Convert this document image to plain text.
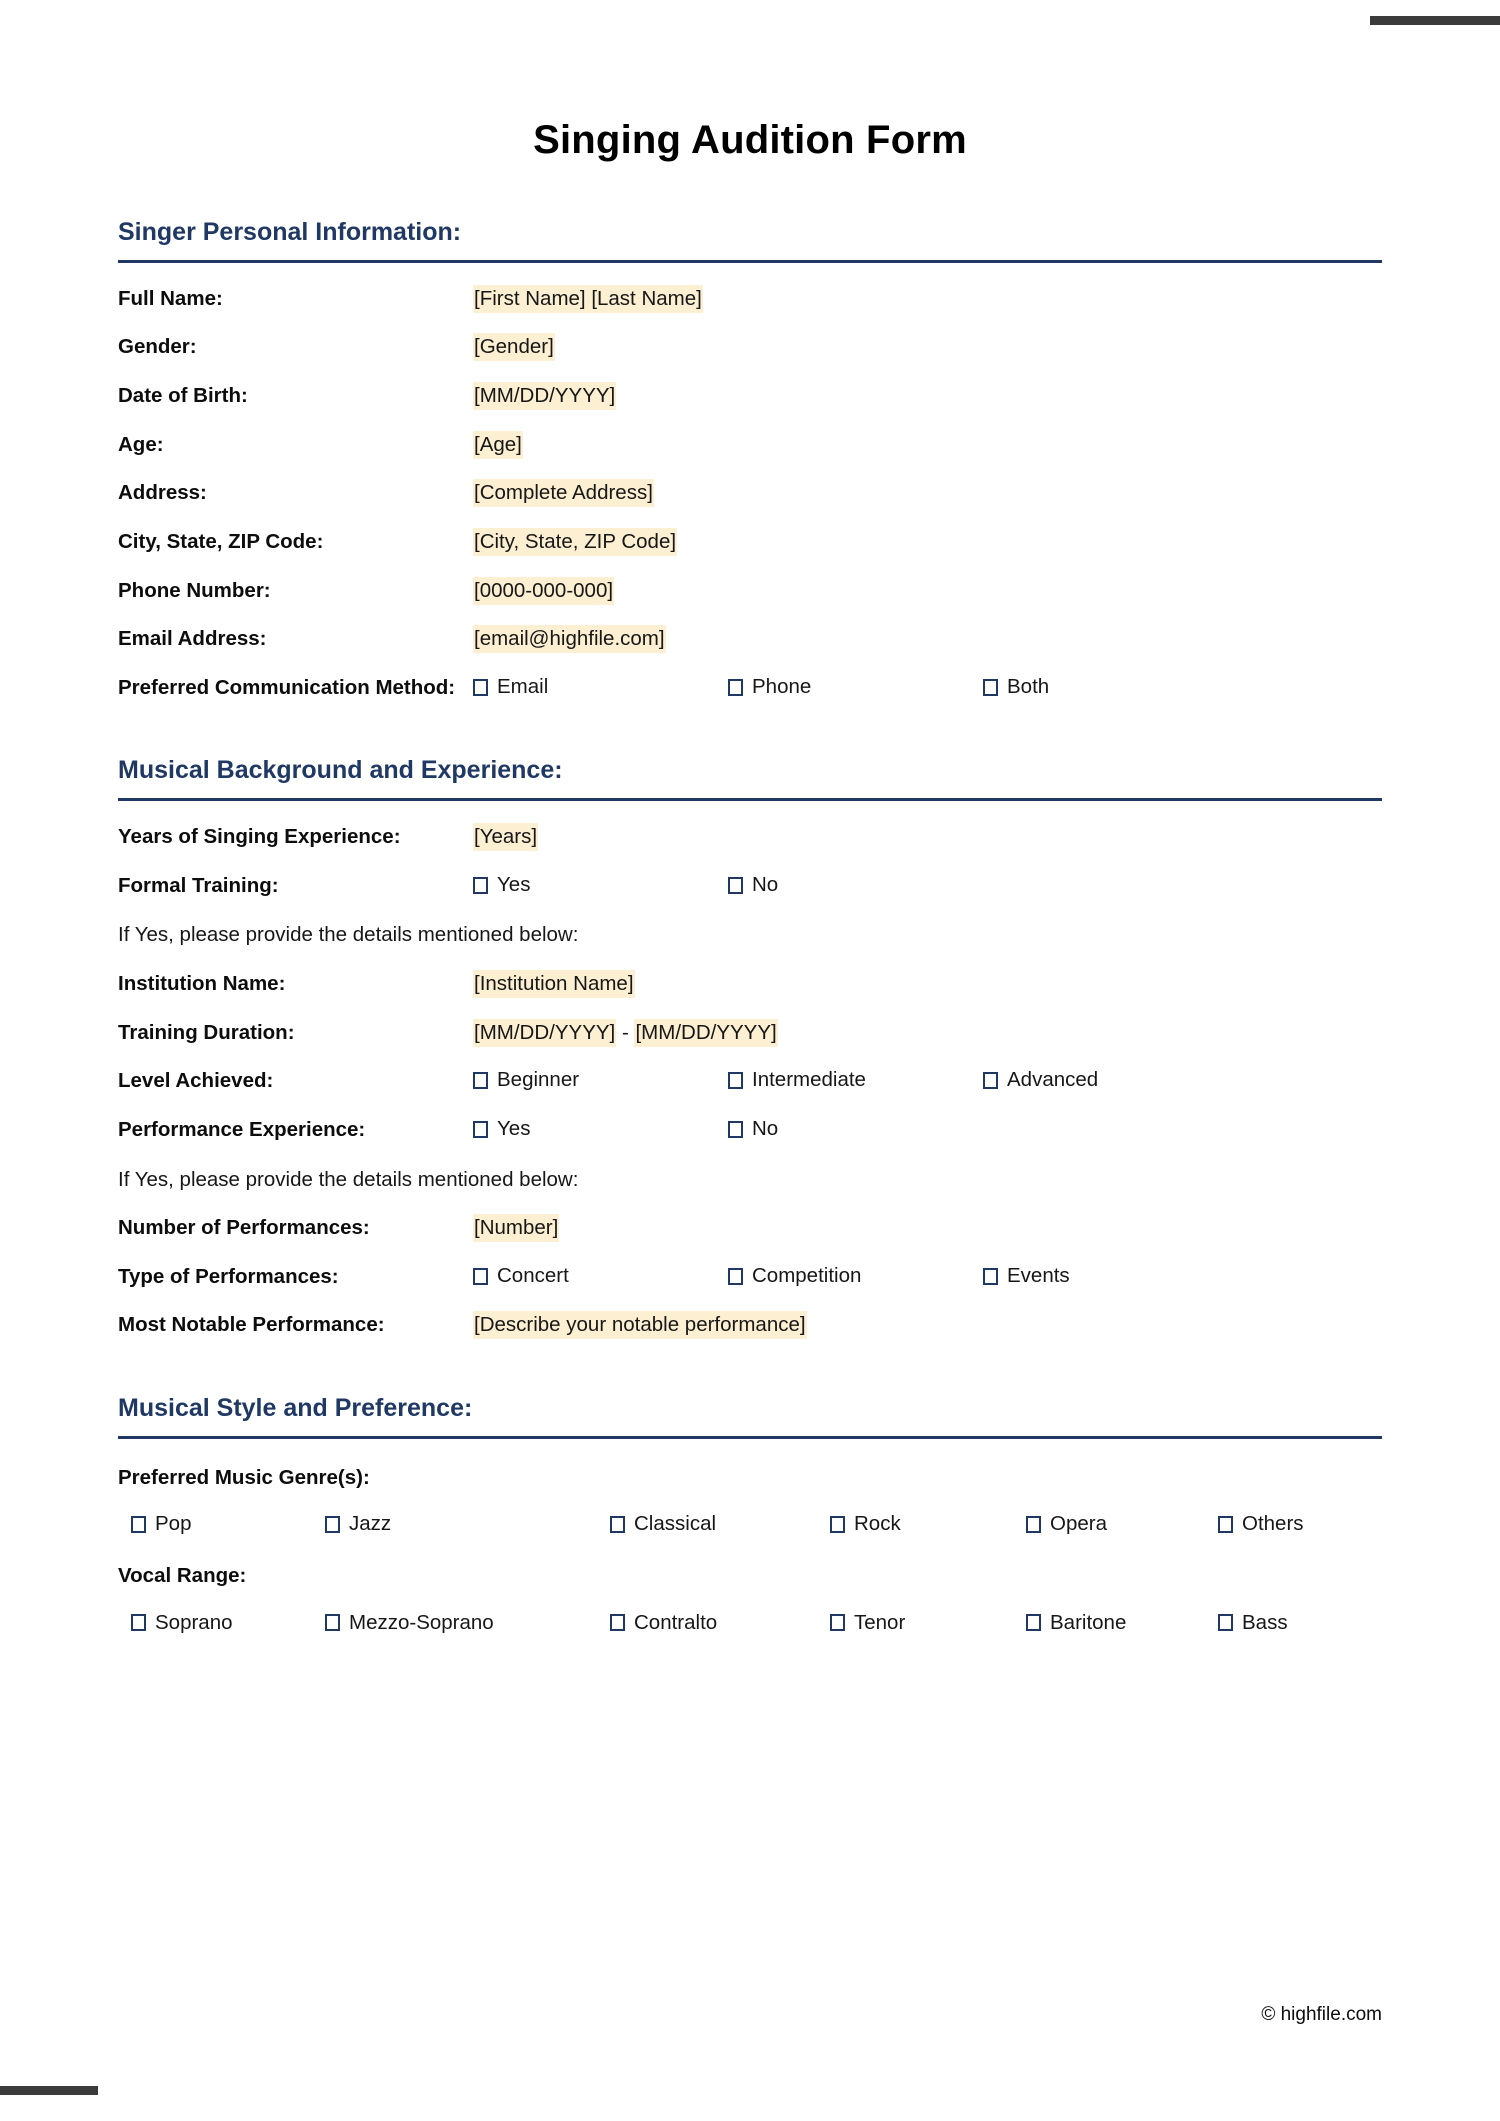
Singing Audition Form
Singer Personal Information:
Full Name:	[First Name] [Last Name]
Gender:	[Gender]
Date of Birth:	[MM/DD/YYYY]
Age:	[Age]
Address:	[Complete Address]
City, State, ZIP Code:	[City, State, ZIP Code]
Phone Number:	[0000-000-000]
Email Address:	[email@highfile.com]
Preferred Communication Method:	Email	Phone	Both
Musical Background and Experience:
Years of Singing Experience:	[Years]
Formal Training:	Yes	No
If Yes, please provide the details mentioned below:
Institution Name:	[Institution Name]
Training Duration:	[MM/DD/YYYY] - [MM/DD/YYYY]
Level Achieved:	Beginner	Intermediate	Advanced
Performance Experience:	Yes	No
If Yes, please provide the details mentioned below:
Number of Performances:	[Number]
Type of Performances:	Concert	Competition	Events
Most Notable Performance:	[Describe your notable performance]
Musical Style and Preference:
Preferred Music Genre(s):
Pop	Jazz	Classical	Rock	Opera	Others
Vocal Range:
Soprano	Mezzo-Soprano	Contralto	Tenor	Baritone	Bass
© highfile.com
